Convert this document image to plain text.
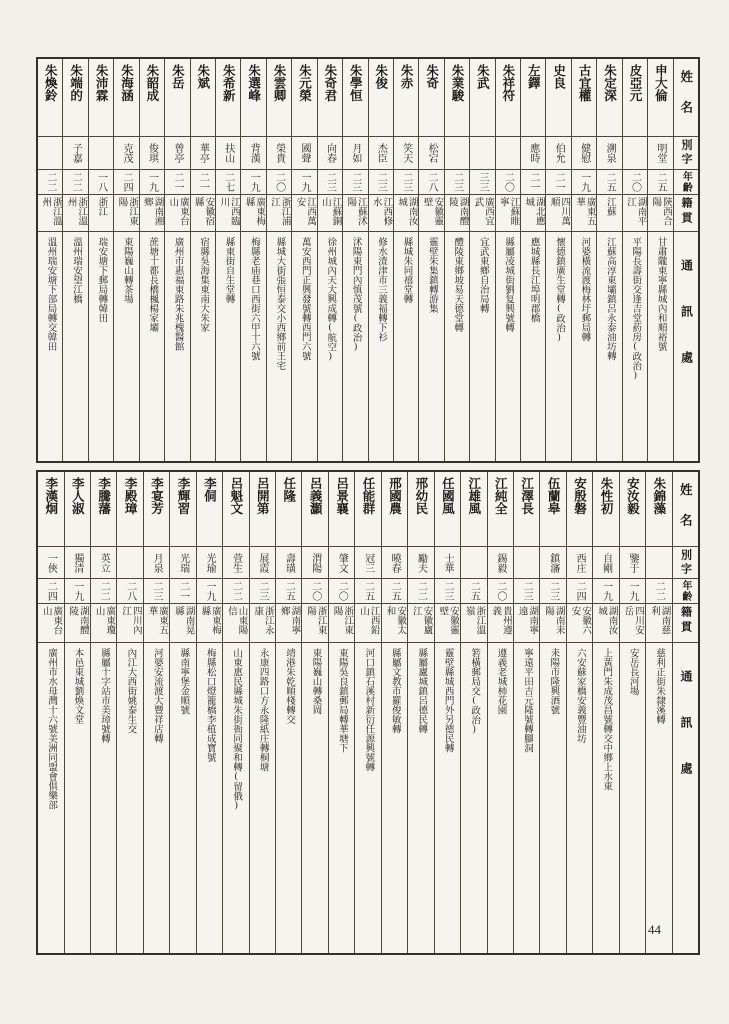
姓名
別字
年齡
籍貫
通訊處
申大倫
明堂
二五
陝西合陽
甘肅隴東寧縣城內和順裕號
皮亞元
二〇
湖南平江
平陽長壽街交逢吉堂葯房(政治)
朱定深
溯泉
二五
江蘇
江蘇高淳東壩鎮呂永泰油坊轉
古宜權
健慰
一九
廣東五華
河婆橫流渡梅林圩郵局轉
史良
伯允
二一
四川萬順
懷德鎮廣生堂轉(政治)
左鐸
應時
二一
湖北應城
應城縣長江埠明郡橋
朱祥符
二〇
江蘇睢寧
縣屬凌城街劉复興號轉
朱武
三三
廣西宜武
宜武東鄉自治局轉
朱業駿
二三
湖南醴陵
醴陵東鄉坡易天德堂轉
朱奇
松宕
二八
安徽靈壁
靈壁朱集鎮轉游集
朱赤
笑天
二三
湖南汝城
縣城朱同禧堂轉
朱俊
杰臣
二三
江西修水
修水渣津市三義福轉下衫
朱學恒
月如
二三
江蘇沭陽
沭陽東門內慎茂號(政治)
朱奇君
向春
二三
江蘇銅山
徐州城內天大興成轉(航空)
朱元榮
國聲
一九
江西萬安
萬安西門正興發號轉西門六號
朱雲卿
榮貴
二〇
浙江浦江
縣城大街張恒泰交小西鄉前王宅
朱選峰
背漢
一九
廣東梅縣
梅縣老庙巷口西街六甲十六號
朱希新
扶山
二七
江西臨川
縣東街自生堂轉
朱斌
華亭
二一
安徽宿縣
宿縣吳海集東南大朱家
朱岳
曾亭
二一
廣東台山
廣州市惠福東路朱兆槐醫館
朱韶成
俊琪
一九
湖南湘鄉
蔗塘十都長橋楓楊家壩
朱海涵
克茂
二四
浙江東陽
東陽巍山轉茶場
朱沛霖
一八
浙江
瑞安塘下郵局轉韓田
朱端的
子嘉
二二
浙江溫州
溫州瑞安望江橋
朱煥鈴
二二
浙江溫州
溫州瑞安塘下部局轉交韓田
姓名
別字
年齡
籍貫
通訊處
朱錦藻
二二
湖南慈利
慈利正街朱隸溪轉
安汝毅
鑒于
一九
四川安岳
安岳長河場
朱性初
自剛
一九
湖南汝城
上黃門朱成茂昌號轉交中鄉上水東
安殷磐
西庄
二四
安徽六安
六安蘇家橋安義豐油坊
伍蘭皋
鎮瀋
二三
湖南耒陽
耒陽市隆興酒號
江澤長
二三
湖南寧遠
寧遠平田吉元隆號轉腳洞
江純全
錫毅
二〇
貴州遵義
遵義老城柿花園
江雄風
二五
浙江溫嶺
箬橫郵局交(政治)
任國風
士華
二三
安徽靈壁
靈壁縣城西門外另德民轉
邢幼民
勵夫
二二
安徽廬江
縣屬廬城鎮呂德民轉
邢國農
曉春
二五
安徽太和
縣屬文教市羅俊敏轉
任能群
冠三
二五
江西鉛山
河口鎮石溪村新衍任源興號轉
呂景襄
肇文
二〇
浙江東陽
東陽吳良鎮郵局轉華塘下
呂義灝
渭陽
二〇
浙江東陽
東陽巍山轉桑岡
任隆
壽璜
二五
湖南寧鄉
靖港朱乾順棧轉交
呂開第
展霞
二三
浙江永康
永康四路口方永隆紙庄轉桐塘
呂魁文
萱生
二二
山東陽信
山東惠民縣城朱街衙同聚和轉(留俄)
李侗
光瑜
一九
廣東梅縣
梅縣松口燈籠橋李植成寶號
李輝習
光瑞
二一
湖南晃縣
縣南寧堡金順號
李宴芳
月泉
二三
廣東五華
河婆安流渡大豐祥店轉
李殿璋
二八
四川內江
內江大西街姚泰生交
李騰藩
英立
二二
廣東瓊山
縣屬十字站市美璋號轉
李人淑
獨清
一九
湖南醴陵
本邑東城劉煥文堂
李漢炯
一俠
二四
廣東台山
廣州市水母灣十六號美洲同盟會俱樂部
44
